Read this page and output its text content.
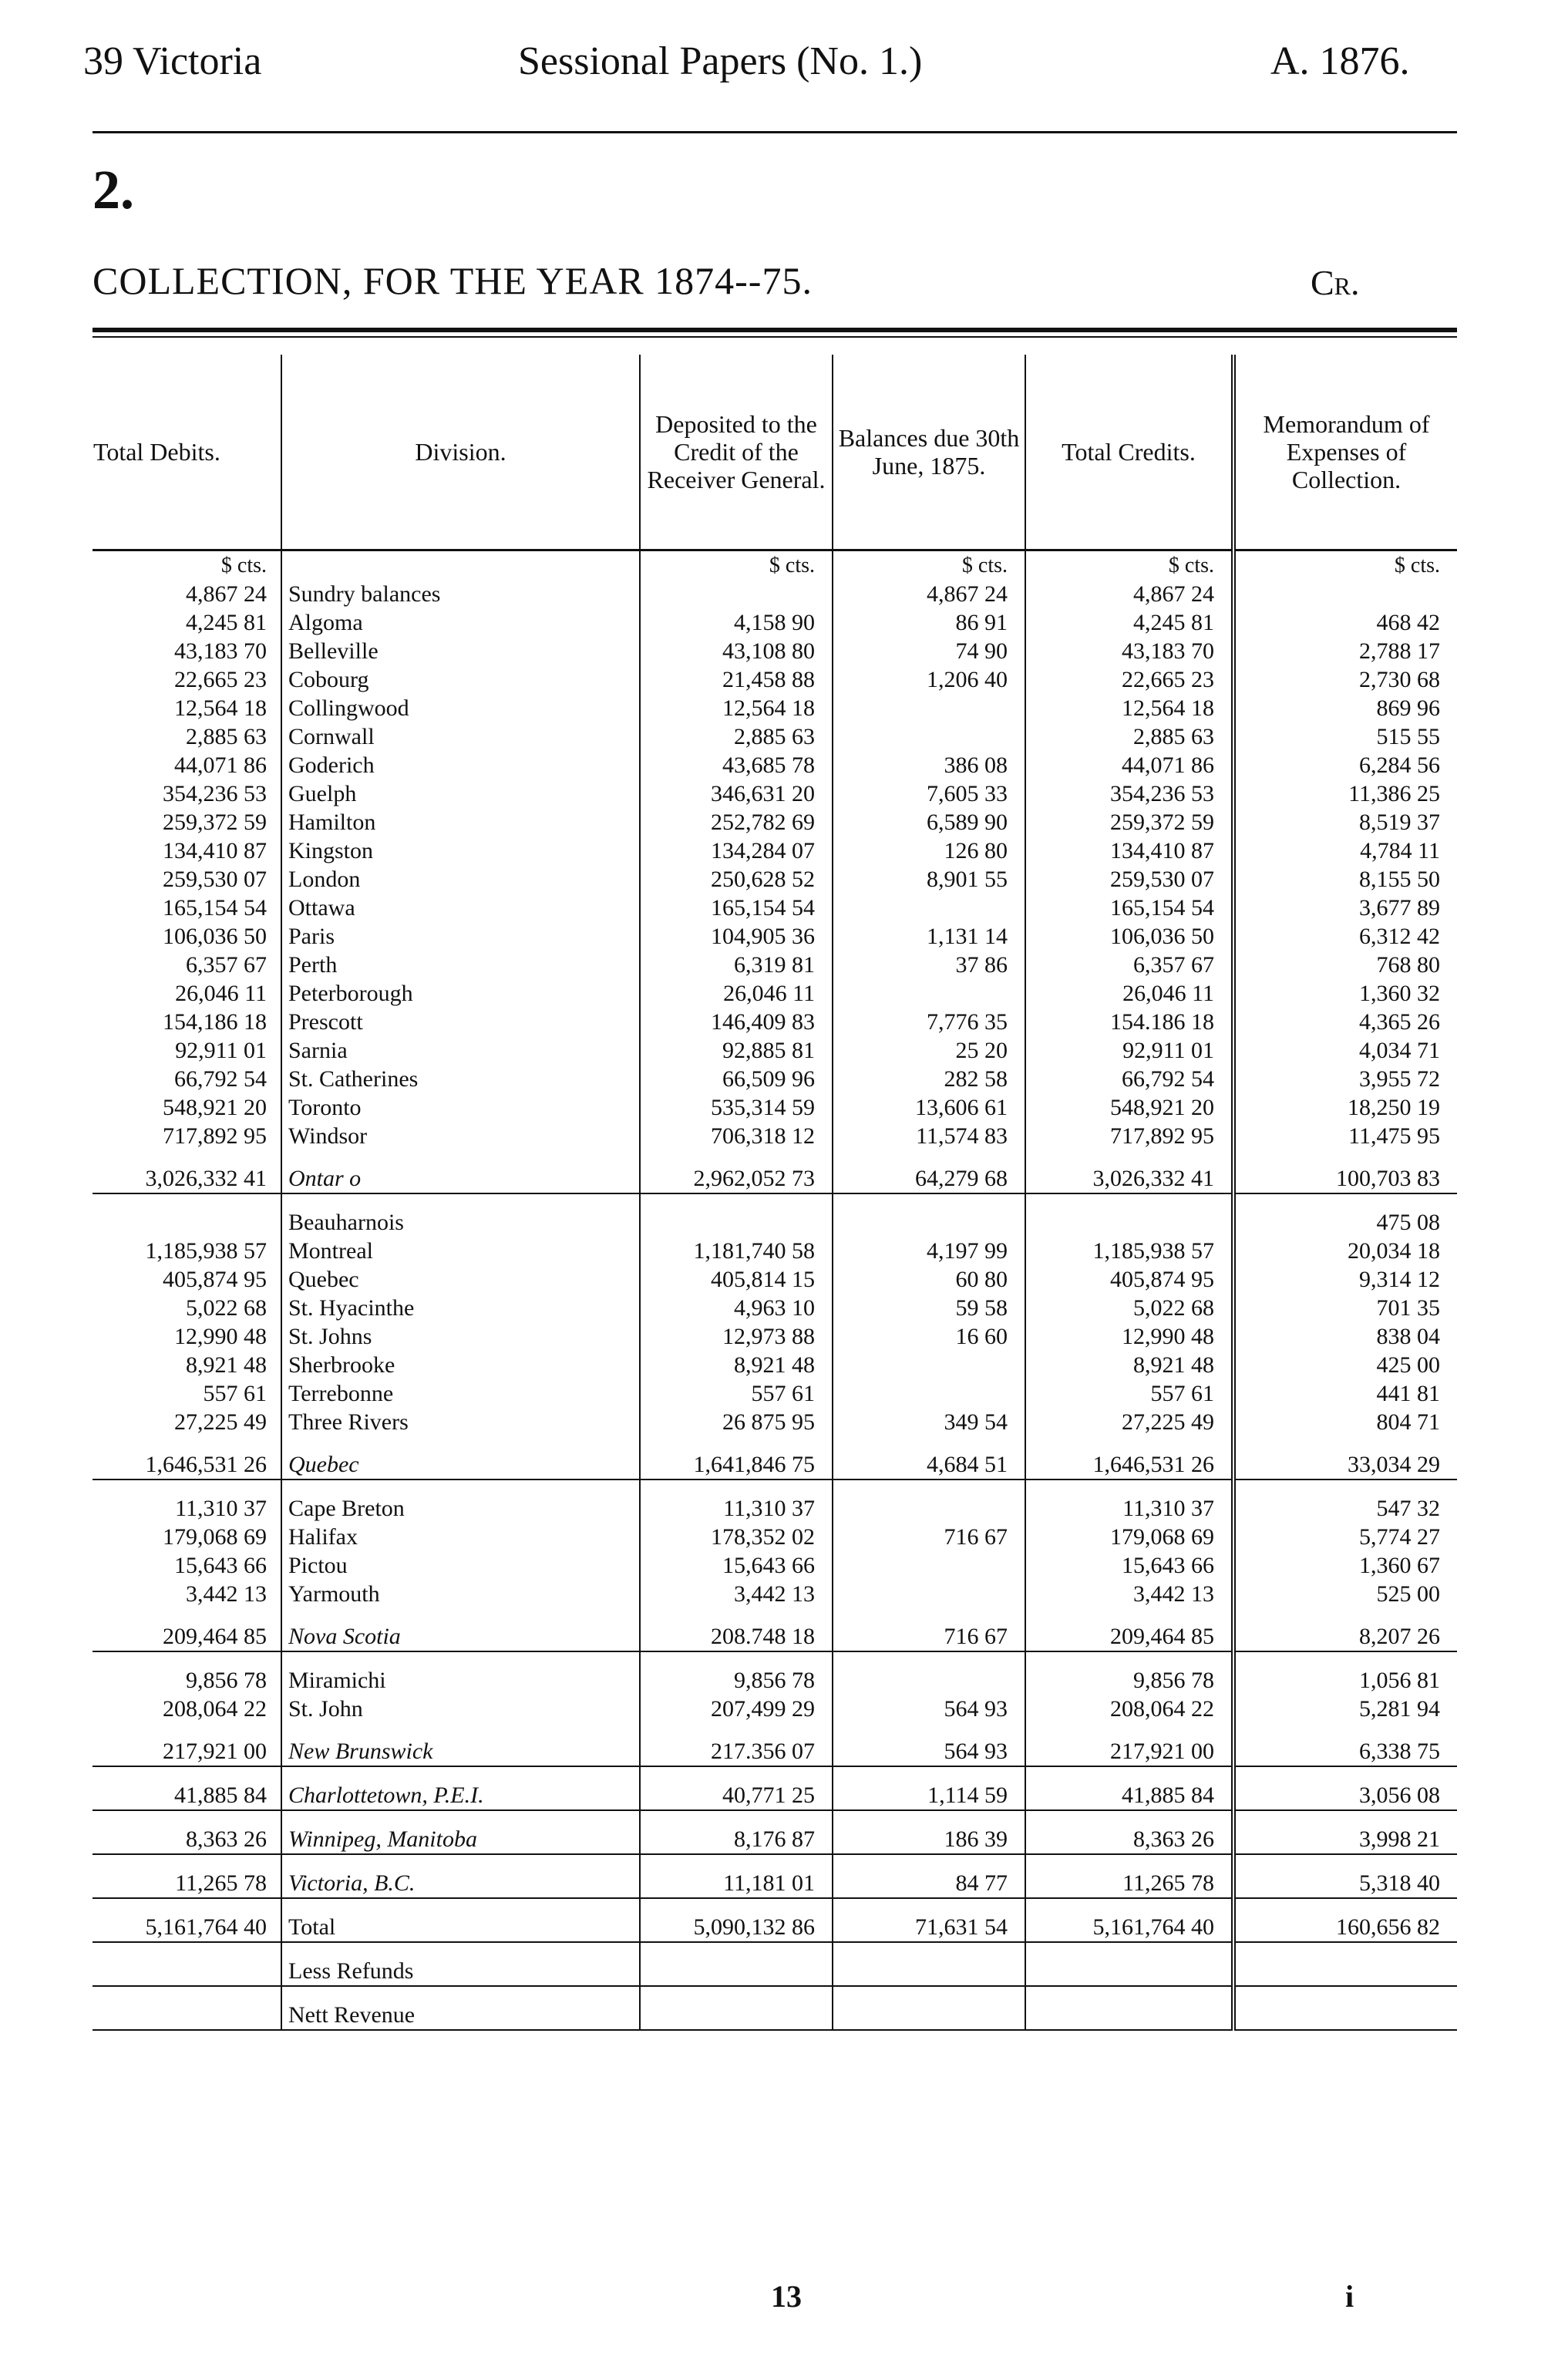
39 Victoria	Sessional Papers (No. 1.)	A. 1876.
2.
COLLECTION, FOR THE YEAR 1874--75.	Cr.
Total Debits.	Division.	Deposited to the Credit of the Receiver General.	Balances due 30th June, 1875.	Total Credits.	Memorandum of Expenses of Collection.
$ cts.		$ cts.	$ cts.	$ cts.	$ cts.
4,867 24	Sundry balances		4,867 24	4,867 24	
4,245 81	Algoma	4,158 90	86 91	4,245 81	468 42
43,183 70	Belleville	43,108 80	74 90	43,183 70	2,788 17
22,665 23	Cobourg	21,458 88	1,206 40	22,665 23	2,730 68
12,564 18	Collingwood	12,564 18		12,564 18	869 96
2,885 63	Cornwall	2,885 63		2,885 63	515 55
44,071 86	Goderich	43,685 78	386 08	44,071 86	6,284 56
354,236 53	Guelph	346,631 20	7,605 33	354,236 53	11,386 25
259,372 59	Hamilton	252,782 69	6,589 90	259,372 59	8,519 37
134,410 87	Kingston	134,284 07	126 80	134,410 87	4,784 11
259,530 07	London	250,628 52	8,901 55	259,530 07	8,155 50
165,154 54	Ottawa	165,154 54		165,154 54	3,677 89
106,036 50	Paris	104,905 36	1,131 14	106,036 50	6,312 42
6,357 67	Perth	6,319 81	37 86	6,357 67	768 80
26,046 11	Peterborough	26,046 11		26,046 11	1,360 32
154,186 18	Prescott	146,409 83	7,776 35	154.186 18	4,365 26
92,911 01	Sarnia	92,885 81	25 20	92,911 01	4,034 71
66,792 54	St. Catherines	66,509 96	282 58	66,792 54	3,955 72
548,921 20	Toronto	535,314 59	13,606 61	548,921 20	18,250 19
717,892 95	Windsor	706,318 12	11,574 83	717,892 95	11,475 95

3,026,332 41	Ontar o	2,962,052 73	64,279 68	3,026,332 41	100,703 83

	Beauharnois				475 08
1,185,938 57	Montreal	1,181,740 58	4,197 99	1,185,938 57	20,034 18
405,874 95	Quebec	405,814 15	60 80	405,874 95	9,314 12
5,022 68	St. Hyacinthe	4,963 10	59 58	5,022 68	701 35
12,990 48	St. Johns	12,973 88	16 60	12,990 48	838 04
8,921 48	Sherbrooke	8,921 48		8,921 48	425 00
557 61	Terrebonne	557 61		557 61	441 81
27,225 49	Three Rivers	26 875 95	349 54	27,225 49	804 71

1,646,531 26	Quebec	1,641,846 75	4,684 51	1,646,531 26	33,034 29

11,310 37	Cape Breton	11,310 37		11,310 37	547 32
179,068 69	Halifax	178,352 02	716 67	179,068 69	5,774 27
15,643 66	Pictou	15,643 66		15,643 66	1,360 67
3,442 13	Yarmouth	3,442 13		3,442 13	525 00

209,464 85	Nova Scotia	208.748 18	716 67	209,464 85	8,207 26

9,856 78	Miramichi	9,856 78		9,856 78	1,056 81
208,064 22	St. John	207,499 29	564 93	208,064 22	5,281 94

217,921 00	New Brunswick	217.356 07	564 93	217,921 00	6,338 75

41,885 84	Charlottetown, P.E.I.	40,771 25	1,114 59	41,885 84	3,056 08

8,363 26	Winnipeg, Manitoba	8,176 87	186 39	8,363 26	3,998 21

11,265 78	Victoria, B.C.	11,181 01	84 77	11,265 78	5,318 40

5,161,764 40	Total	5,090,132 86	71,631 54	5,161,764 40	160,656 82

	Less Refunds				

	Nett Revenue				
13	i
